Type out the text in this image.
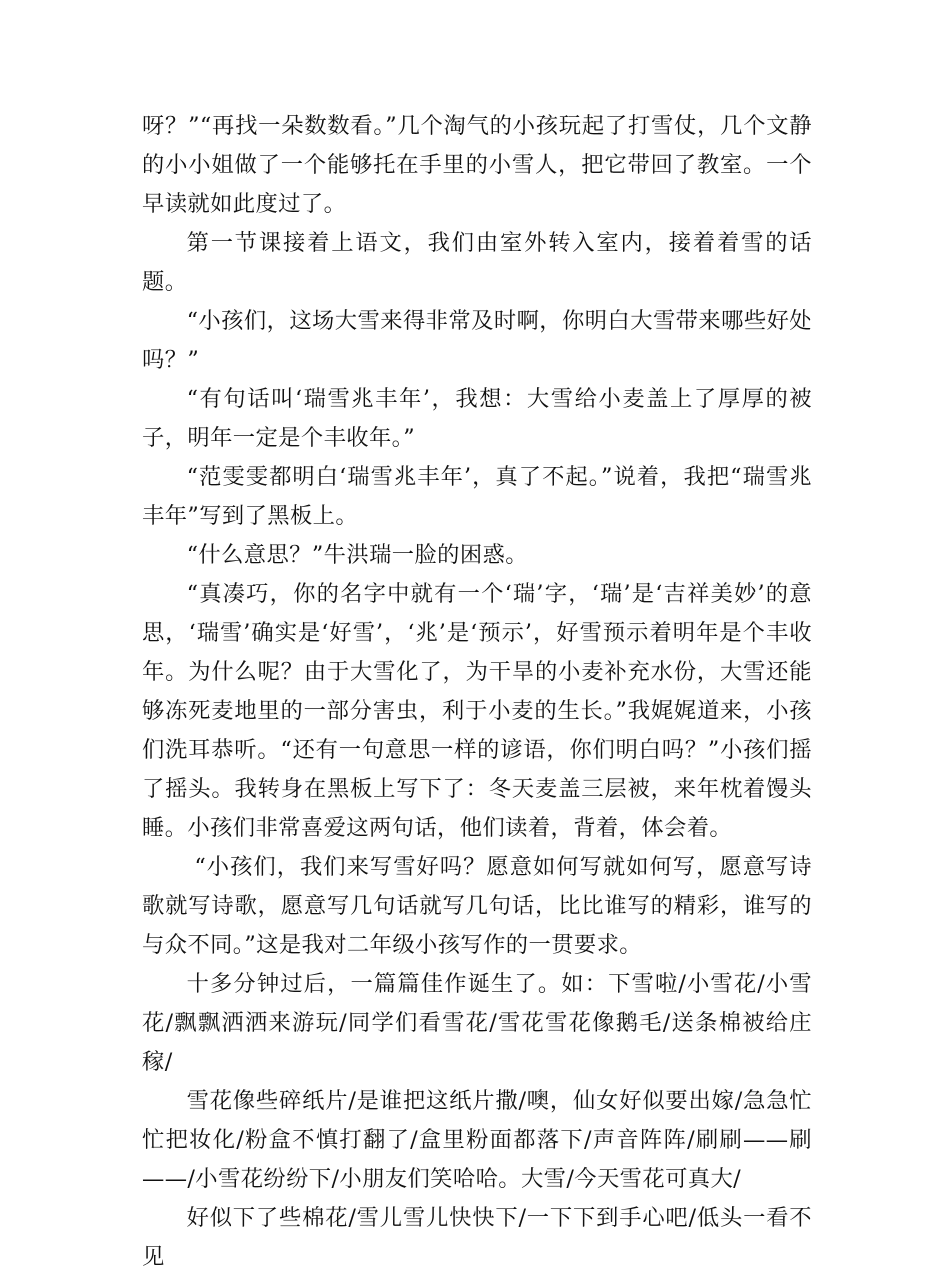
呀？”“再找一朵数数看。”几个淘气的小孩玩起了打雪仗，几个文静的小小姐做了一个能够托在手里的小雪人，把它带回了教室。一个早读就如此度过了。

第一节课接着上语文，我们由室外转入室内，接着着雪的话题。

“小孩们，这场大雪来得非常及时啊，你明白大雪带来哪些好处吗？”

“有句话叫‘瑞雪兆丰年’，我想：大雪给小麦盖上了厚厚的被子，明年一定是个丰收年。”

“范雯雯都明白‘瑞雪兆丰年’，真了不起。”说着，我把“瑞雪兆丰年”写到了黑板上。

“什么意思？”牛洪瑞一脸的困惑。

“真凑巧，你的名字中就有一个‘瑞’字，‘瑞’是‘吉祥美妙’的意思，‘瑞雪’确实是‘好雪’，‘兆’是‘预示’，好雪预示着明年是个丰收年。为什么呢？由于大雪化了，为干旱的小麦补充水份，大雪还能够冻死麦地里的一部分害虫，利于小麦的生长。”我娓娓道来，小孩们洗耳恭听。“还有一句意思一样的谚语，你们明白吗？”小孩们摇了摇头。我转身在黑板上写下了：冬天麦盖三层被，来年枕着馒头睡。小孩们非常喜爱这两句话，他们读着，背着，体会着。

“小孩们，我们来写雪好吗？愿意如何写就如何写，愿意写诗歌就写诗歌，愿意写几句话就写几句话，比比谁写的精彩，谁写的与众不同。”这是我对二年级小孩写作的一贯要求。

十多分钟过后，一篇篇佳作诞生了。如：下雪啦/小雪花/小雪花/飘飘洒洒来游玩/同学们看雪花/雪花雪花像鹅毛/送条棉被给庄稼/

雪花像些碎纸片/是谁把这纸片撒/噢，仙女好似要出嫁/急急忙忙把妆化/粉盒不慎打翻了/盒里粉面都落下/声音阵阵/刷刷——刷——/小雪花纷纷下/小朋友们笑哈哈。大雪/今天雪花可真大/

好似下了些棉花/雪儿雪儿快快下/一下下到手心吧/低头一看不见
